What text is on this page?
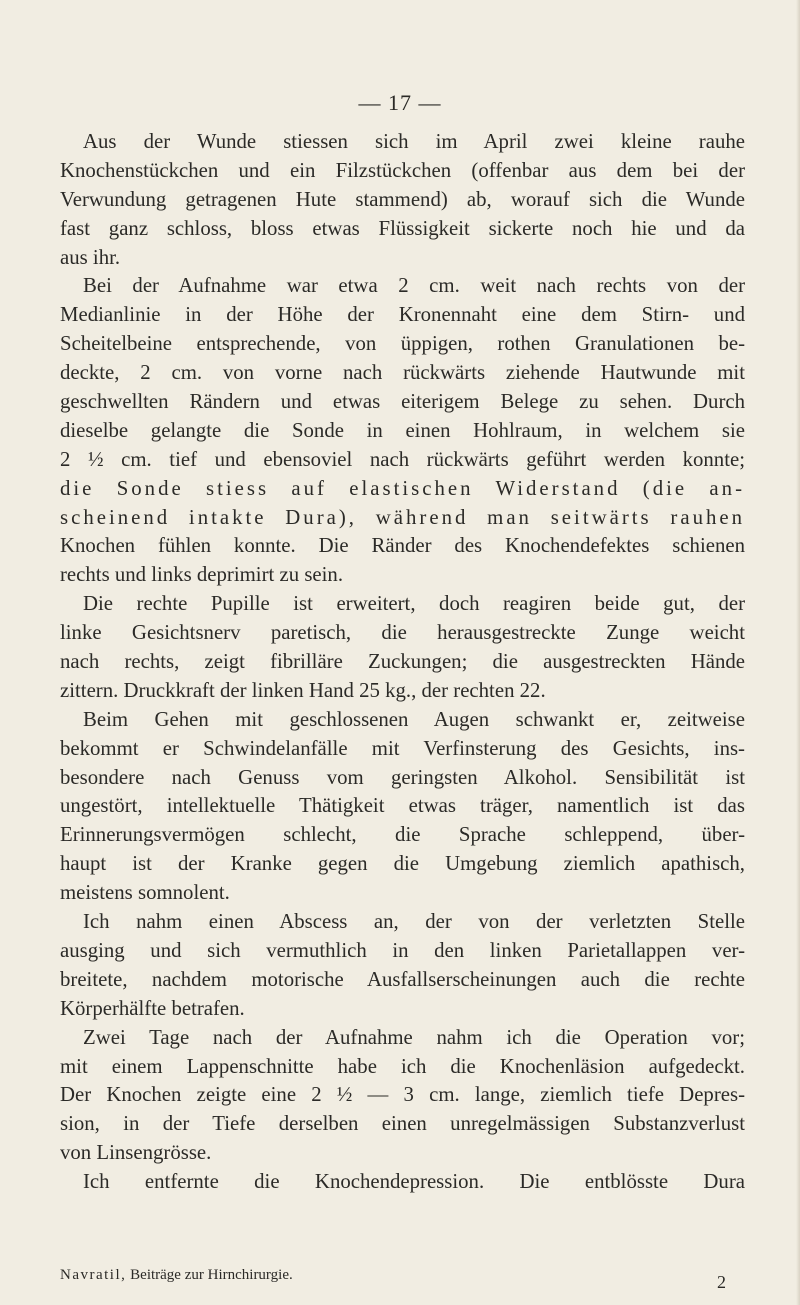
— 17 —
Aus der Wunde stiessen sich im April zwei kleine rauhe
Knochenstückchen und ein Filzstückchen (offenbar aus dem bei der
Verwundung getragenen Hute stammend) ab, worauf sich die Wunde
fast ganz schloss, bloss etwas Flüssigkeit sickerte noch hie und da
aus ihr.
Bei der Aufnahme war etwa 2 cm. weit nach rechts von der
Medianlinie in der Höhe der Kronennaht eine dem Stirn- und
Scheitelbeine entsprechende, von üppigen, rothen Granulationen be-
deckte, 2 cm. von vorne nach rückwärts ziehende Hautwunde mit
geschwellten Rändern und etwas eiterigem Belege zu sehen. Durch
dieselbe gelangte die Sonde in einen Hohlraum, in welchem sie
2 ½ cm. tief und ebensoviel nach rückwärts geführt werden konnte;
die Sonde stiess auf elastischen Widerstand (die an-
scheinend intakte Dura), während man seitwärts rauhen
Knochen fühlen konnte. Die Ränder des Knochendefektes schienen
rechts und links deprimirt zu sein.
Die rechte Pupille ist erweitert, doch reagiren beide gut, der
linke Gesichtsnerv paretisch, die herausgestreckte Zunge weicht
nach rechts, zeigt fibrilläre Zuckungen; die ausgestreckten Hände
zittern. Druckkraft der linken Hand 25 kg., der rechten 22.
Beim Gehen mit geschlossenen Augen schwankt er, zeitweise
bekommt er Schwindelanfälle mit Verfinsterung des Gesichts, ins-
besondere nach Genuss vom geringsten Alkohol. Sensibilität ist
ungestört, intellektuelle Thätigkeit etwas träger, namentlich ist das
Erinnerungsvermögen schlecht, die Sprache schleppend, über-
haupt ist der Kranke gegen die Umgebung ziemlich apathisch,
meistens somnolent.
Ich nahm einen Abscess an, der von der verletzten Stelle
ausging und sich vermuthlich in den linken Parietallappen ver-
breitete, nachdem motorische Ausfallserscheinungen auch die rechte
Körperhälfte betrafen.
Zwei Tage nach der Aufnahme nahm ich die Operation vor;
mit einem Lappenschnitte habe ich die Knochenläsion aufgedeckt.
Der Knochen zeigte eine 2 ½ — 3 cm. lange, ziemlich tiefe Depres-
sion, in der Tiefe derselben einen unregelmässigen Substanzverlust
von Linsengrösse.
Ich entfernte die Knochendepression. Die entblösste Dura
Navratil, Beiträge zur Hirnchirurgie.	2
